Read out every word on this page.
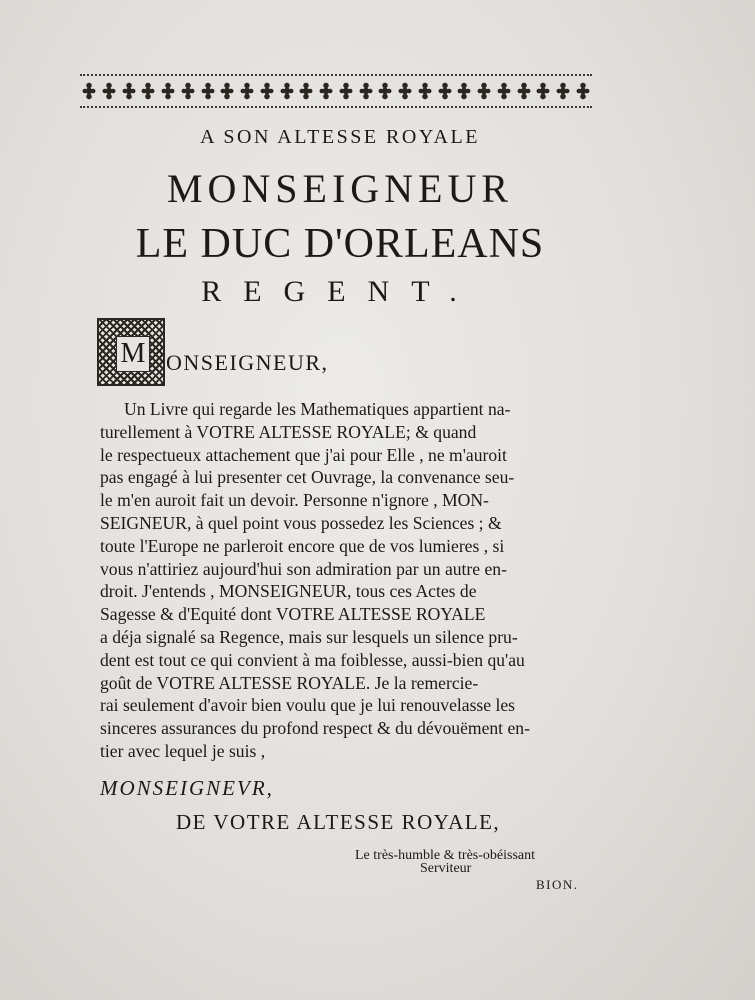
A SON ALTESSE ROYALE
MONSEIGNEUR
LE DUC D'ORLEANS
REGENT.
M ONSEIGNEUR,
Un Livre qui regarde les Mathematiques appartient na-
turellement à VOTRE ALTESSE ROYALE; & quand
le respectueux attachement que j'ai pour Elle , ne m'auroit
pas engagé à lui presenter cet Ouvrage, la convenance seu-
le m'en auroit fait un devoir. Personne n'ignore , MON-
SEIGNEUR, à quel point vous possedez les Sciences ; &
toute l'Europe ne parleroit encore que de vos lumieres , si
vous n'attiriez aujourd'hui son admiration par un autre en-
droit. J'entends , MONSEIGNEUR, tous ces Actes de
Sagesse & d'Equité dont VOTRE ALTESSE ROYALE
a déja signalé sa Regence, mais sur lesquels un silence pru-
dent est tout ce qui convient à ma foiblesse, aussi-bien qu'au
goût de VOTRE ALTESSE ROYALE. Je la remercie-
rai seulement d'avoir bien voulu que je lui renouvelasse les
sinceres assurances du profond respect & du dévouëment en-
tier avec lequel je suis ,
MONSEIGNEVR,
DE VOTRE ALTESSE ROYALE,
Le très-humble & très-obéissant
Serviteur
BION.
